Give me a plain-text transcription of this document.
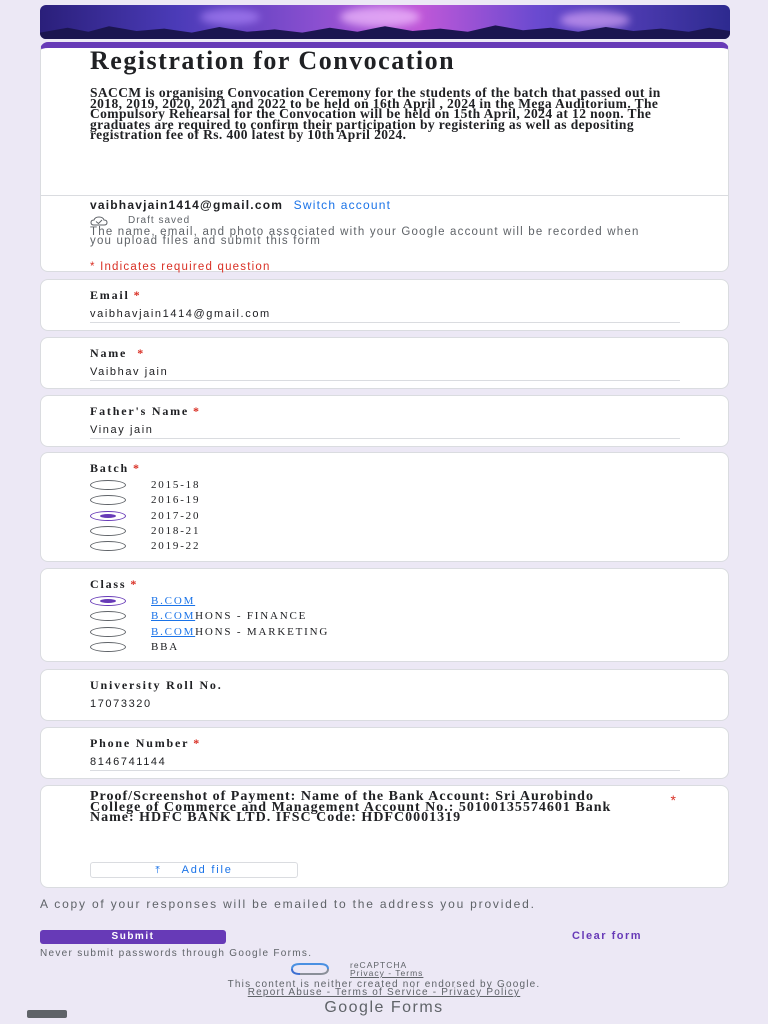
Registration for Convocation
SACCM is organising Convocation Ceremony for the students of the batch that passed out in 2018, 2019, 2020, 2021 and 2022 to be held on 16th April , 2024 in the Mega Auditorium. The Compulsory Rehearsal for the Convocation will be held on 15th April, 2024 at 12 noon. The graduates are required to confirm their participation by registering as well as depositing registration fee of Rs. 400 latest by 10th April 2024.
vaibhavjain1414@gmail.com Switch account
Draft saved
The name, email, and photo associated with your Google account will be recorded when you upload files and submit this form
* Indicates required question
Email *
vaibhavjain1414@gmail.com
Name *
Vaibhav jain
Father's Name *
Vinay jain
Batch *
2015-18
2016-19
2017-20
2018-21
2019-22
Class *
B.COM
B.COM HONS - FINANCE
B.COM HONS - MARKETING
BBA
University Roll No.
17073320
Phone Number *
8146741144
Proof/Screenshot of Payment: Name of the Bank Account: Sri Aurobindo College of Commerce and Management Account No.: 50100135574601 Bank Name: HDFC BANK LTD. IFSC Code: HDFC0001319
*
⤒ Add file
A copy of your responses will be emailed to the address you provided.
Submit	Clear form
Never submit passwords through Google Forms.
reCAPTCHA
Privacy - Terms
This content is neither created nor endorsed by Google.
Report Abuse - Terms of Service - Privacy Policy
Google Forms
